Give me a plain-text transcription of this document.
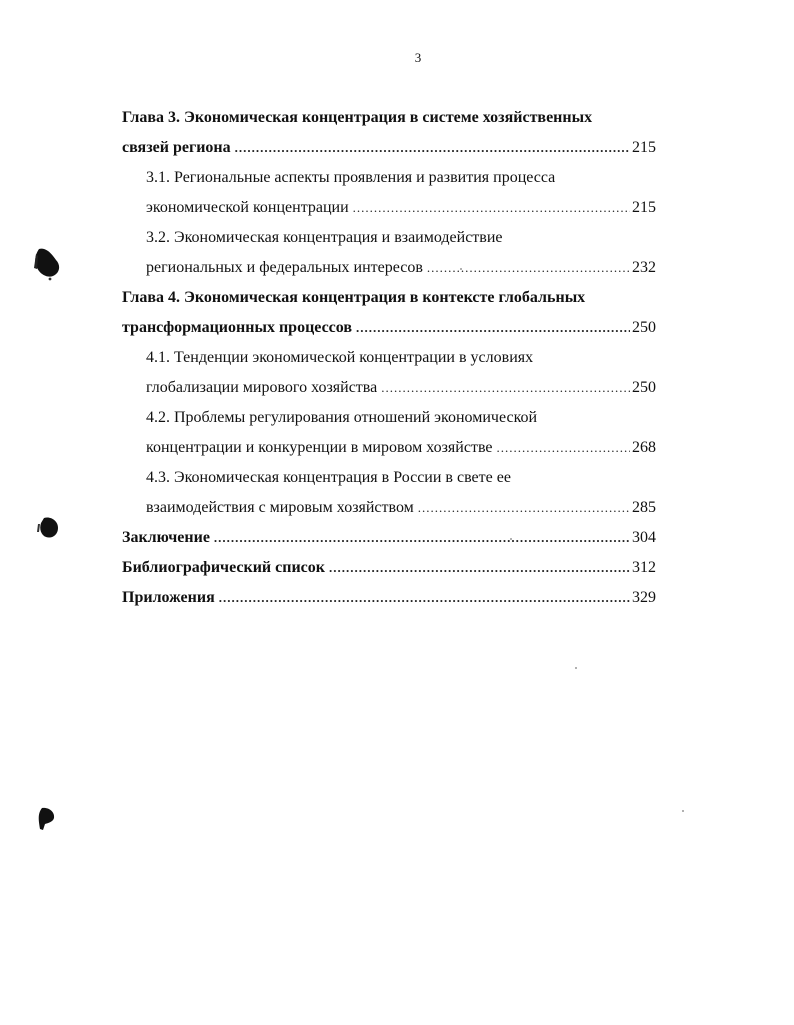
3
Глава 3. Экономическая концентрация в системе хозяйственных
связей региона .....	215
3.1. Региональные аспекты проявления и развития процесса
экономической концентрации .....	215
3.2. Экономическая концентрация и взаимодействие
региональных и федеральных интересов .....	232
Глава 4. Экономическая концентрация в контексте глобальных
трансформационных процессов .....	250
4.1. Тенденции экономической концентрации в условиях
глобализации мирового хозяйства .....	250
4.2. Проблемы регулирования отношений экономической
концентрации и конкуренции в мировом хозяйстве .....	268
4.3. Экономическая концентрация в России в свете ее
взаимодействия с мировым хозяйством .....	285
Заключение .....	304
Библиографический список .....	312
Приложения .....	329
